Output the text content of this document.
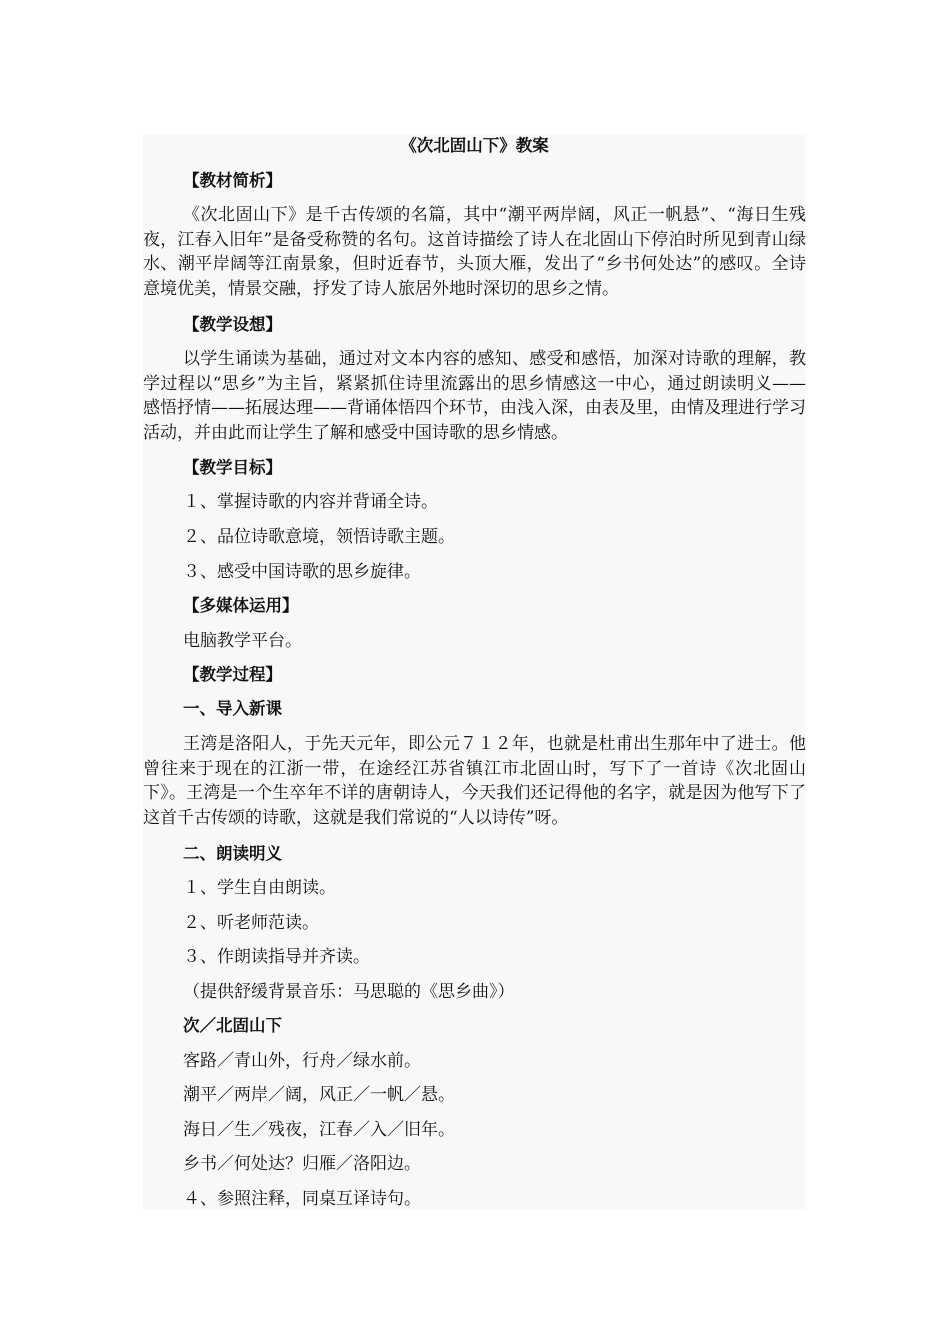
《次北固山下》教案
【教材简析】
《次北固山下》是千古传颂的名篇，其中“潮平两岸阔，风正一帆悬”、“海日生残夜，江春入旧年”是备受称赞的名句。这首诗描绘了诗人在北固山下停泊时所见到青山绿水、潮平岸阔等江南景象，但时近春节，头顶大雁，发出了“乡书何处达”的感叹。全诗意境优美，情景交融，抒发了诗人旅居外地时深切的思乡之情。
【教学设想】
以学生诵读为基础，通过对文本内容的感知、感受和感悟，加深对诗歌的理解，教学过程以“思乡”为主旨，紧紧抓住诗里流露出的思乡情感这一中心，通过朗读明义——感悟抒情——拓展达理——背诵体悟四个环节，由浅入深，由表及里，由情及理进行学习活动，并由此而让学生了解和感受中国诗歌的思乡情感。
【教学目标】
１、掌握诗歌的内容并背诵全诗。
２、品位诗歌意境，领悟诗歌主题。
３、感受中国诗歌的思乡旋律。
【多媒体运用】
电脑教学平台。
【教学过程】
一、导入新课
王湾是洛阳人，于先天元年，即公元７１２年，也就是杜甫出生那年中了进士。他曾往来于现在的江浙一带，在途经江苏省镇江市北固山时，写下了一首诗《次北固山下》。王湾是一个生卒年不详的唐朝诗人，今天我们还记得他的名字，就是因为他写下了这首千古传颂的诗歌，这就是我们常说的“人以诗传”呀。
二、朗读明义
１、学生自由朗读。
２、听老师范读。
３、作朗读指导并齐读。
（提供舒缓背景音乐：马思聪的《思乡曲》）
次／北固山下
客路／青山外，行舟／绿水前。
潮平／两岸／阔，风正／一帆／悬。
海日／生／残夜，江春／入／旧年。
乡书／何处达？归雁／洛阳边。
４、参照注释，同桌互译诗句。
